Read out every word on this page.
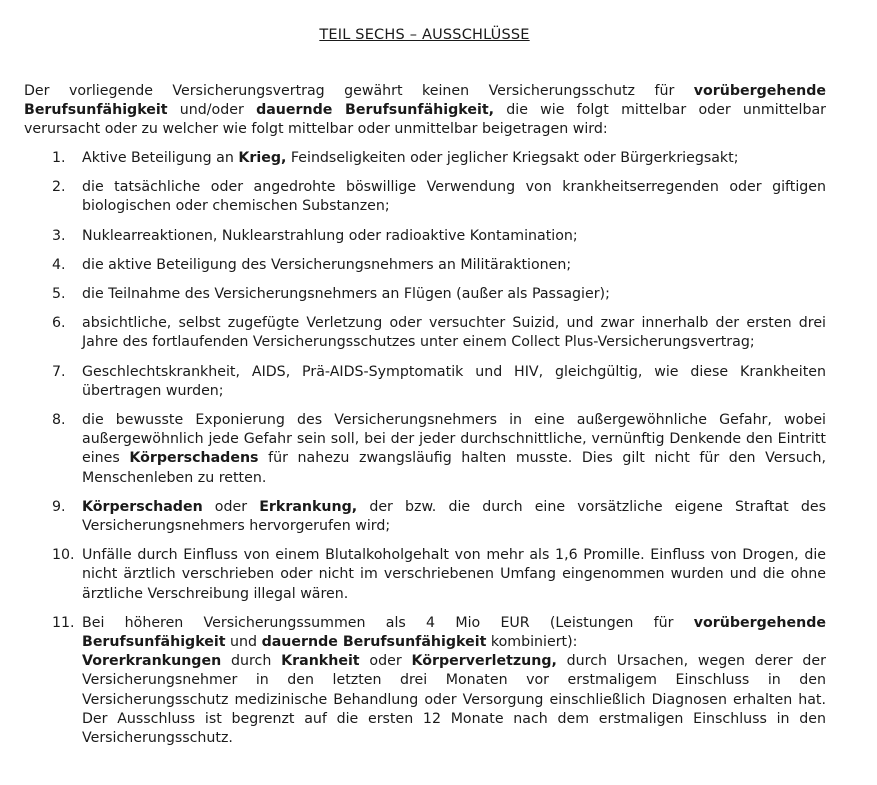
TEIL SECHS – AUSSCHLÜSSE

Der vorliegende Versicherungsvertrag gewährt keinen Versicherungsschutz für vorübergehende Berufsunfähigkeit und/oder dauernde Berufsunfähigkeit, die wie folgt mittelbar oder unmittelbar verursacht oder zu welcher wie folgt mittelbar oder unmittelbar beigetragen wird:

1. Aktive Beteiligung an Krieg, Feindseligkeiten oder jeglicher Kriegsakt oder Bürgerkriegsakt;
2. die tatsächliche oder angedrohte böswillige Verwendung von krankheitserregenden oder giftigen biologischen oder chemischen Substanzen;
3. Nuklearreaktionen, Nuklearstrahlung oder radioaktive Kontamination;
4. die aktive Beteiligung des Versicherungsnehmers an Militäraktionen;
5. die Teilnahme des Versicherungsnehmers an Flügen (außer als Passagier);
6. absichtliche, selbst zugefügte Verletzung oder versuchter Suizid, und zwar innerhalb der ersten drei Jahre des fortlaufenden Versicherungsschutzes unter einem Collect Plus-Versicherungsvertrag;
7. Geschlechtskrankheit, AIDS, Prä-AIDS-Symptomatik und HIV, gleichgültig, wie diese Krankheiten übertragen wurden;
8. die bewusste Exponierung des Versicherungsnehmers in eine außergewöhnliche Gefahr, wobei außergewöhnlich jede Gefahr sein soll, bei der jeder durchschnittliche, vernünftig Denkende den Eintritt eines Körperschadens für nahezu zwangsläufig halten musste. Dies gilt nicht für den Versuch, Menschenleben zu retten.
9. Körperschaden oder Erkrankung, der bzw. die durch eine vorsätzliche eigene Straftat des Versicherungsnehmers hervorgerufen wird;
10. Unfälle durch Einfluss von einem Blutalkoholgehalt von mehr als 1,6 Promille. Einfluss von Drogen, die nicht ärztlich verschrieben oder nicht im verschriebenen Umfang eingenommen wurden und die ohne ärztliche Verschreibung illegal wären.
11. Bei höheren Versicherungssummen als 4 Mio EUR (Leistungen für vorübergehende Berufsunfähigkeit und dauernde Berufsunfähigkeit kombiniert):
Vorerkrankungen durch Krankheit oder Körperverletzung, durch Ursachen, wegen derer der Versicherungsnehmer in den letzten drei Monaten vor erstmaligem Einschluss in den Versicherungsschutz medizinische Behandlung oder Versorgung einschließlich Diagnosen erhalten hat. Der Ausschluss ist begrenzt auf die ersten 12 Monate nach dem erstmaligen Einschluss in den Versicherungsschutz.
